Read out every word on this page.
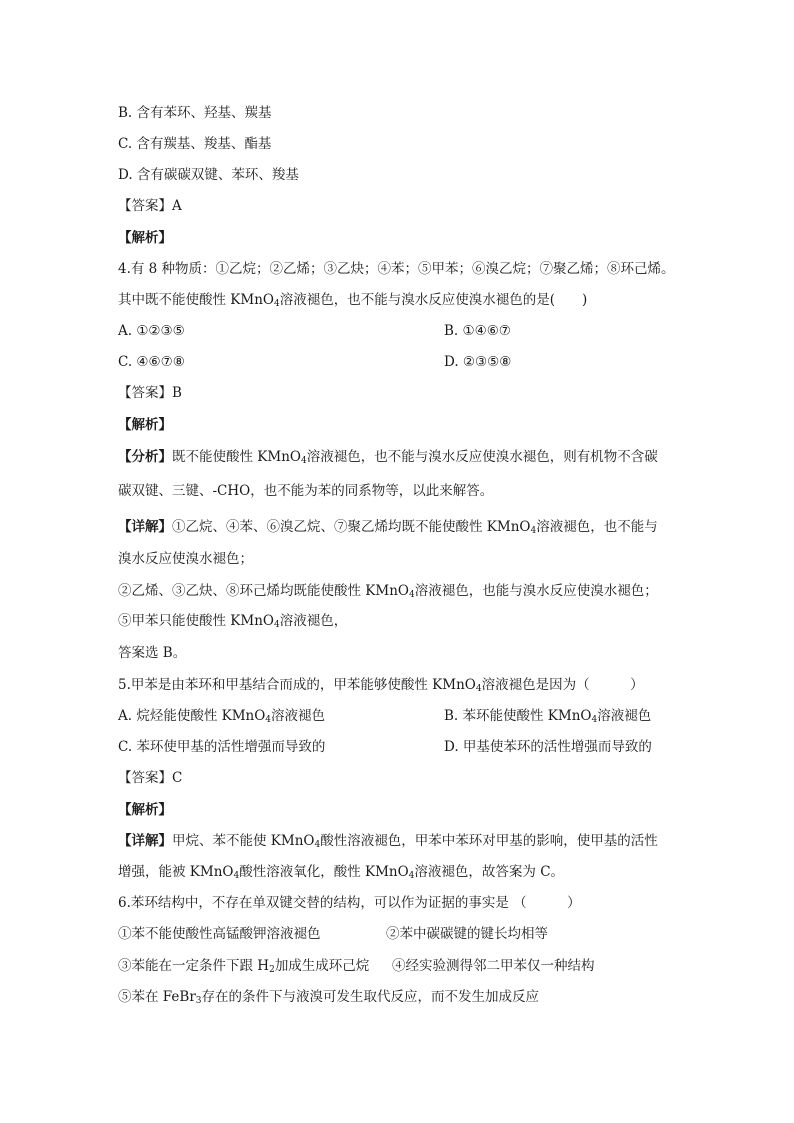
B. 含有苯环、羟基、羰基
C. 含有羰基、羧基、酯基
D. 含有碳碳双键、苯环、羧基
【答案】A
【解析】
4.有 8 种物质：①乙烷；②乙烯；③乙炔；④苯；⑤甲苯；⑥溴乙烷；⑦聚乙烯；⑧环己烯。
其中既不能使酸性 KMnO$_4$溶液褪色，也不能与溴水反应使溴水褪色的是(　　)
A. ①②③⑤	B. ①④⑥⑦
C. ④⑥⑦⑧	D. ②③⑤⑧
【答案】B
【解析】
【分析】既不能使酸性 KMnO$_4$溶液褪色，也不能与溴水反应使溴水褪色，则有机物不含碳
碳双键、三键、-CHO，也不能为苯的同系物等，以此来解答。
【详解】①乙烷、④苯、⑥溴乙烷、⑦聚乙烯均既不能使酸性 KMnO$_4$溶液褪色，也不能与
溴水反应使溴水褪色；
②乙烯、③乙炔、⑧环己烯均既能使酸性 KMnO$_4$溶液褪色，也能与溴水反应使溴水褪色；
⑤甲苯只能使酸性 KMnO$_4$溶液褪色，
答案选 B。
5.甲苯是由苯环和甲基结合而成的，甲苯能够使酸性 KMnO$_4$溶液褪色是因为（　　　）
A. 烷烃能使酸性 KMnO$_4$溶液褪色	B. 苯环能使酸性 KMnO$_4$溶液褪色
C. 苯环使甲基的活性增强而导致的	D. 甲基使苯环的活性增强而导致的
【答案】C
【解析】
【详解】甲烷、苯不能使 KMnO$_4$酸性溶液褪色，甲苯中苯环对甲基的影响，使甲基的活性
增强，能被 KMnO$_4$酸性溶液氧化，酸性 KMnO$_4$溶液褪色，故答案为 C。
6.苯环结构中，不存在单双键交替的结构，可以作为证据的事实是 （　　　）
①苯不能使酸性高锰酸钾溶液褪色	②苯中碳碳键的键长均相等
③苯能在一定条件下跟 $H_2$加成生成环己烷 ④经实验测得邻二甲苯仅一种结构
⑤苯在 FeBr$_3$存在的条件下与液溴可发生取代反应，而不发生加成反应
